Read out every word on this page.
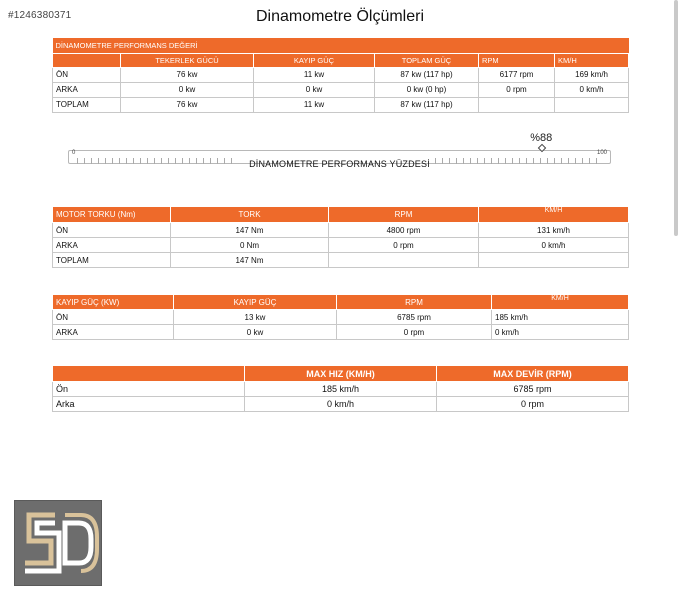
#1246380371	Dinamometre Ölçümleri
DİNAMOMETRE PERFORMANS DEĞERİ					
	TEKERLEK GÜCÜ	KAYIP GÜÇ	TOPLAM GÜÇ	RPM	KM/H
ÖN	76 kw	11 kw	87 kw (117 hp)	6177 rpm	169 km/h
ARKA	0 kw	0 kw	0 kw (0 hp)	0 rpm	0 km/h
TOPLAM	76 kw	11 kw	87 kw (117 hp)		
%88
0	100
DİNAMOMETRE PERFORMANS YÜZDESİ
MOTOR TORKU (Nm)	TORK	RPM	KM/H
ÖN	147 Nm	4800 rpm	131 km/h
ARKA	0 Nm	0 rpm	0 km/h
TOPLAM	147 Nm		
KAYIP GÜÇ (KW)	KAYIP GÜÇ	RPM	KM/H
ÖN	13 kw	6785 rpm	185 km/h
ARKA	0 kw	0 rpm	0 km/h
	MAX HIZ (KM/H)	MAX DEVİR (RPM)
Ön	185 km/h	6785 rpm
Arka	0 km/h	0 rpm
